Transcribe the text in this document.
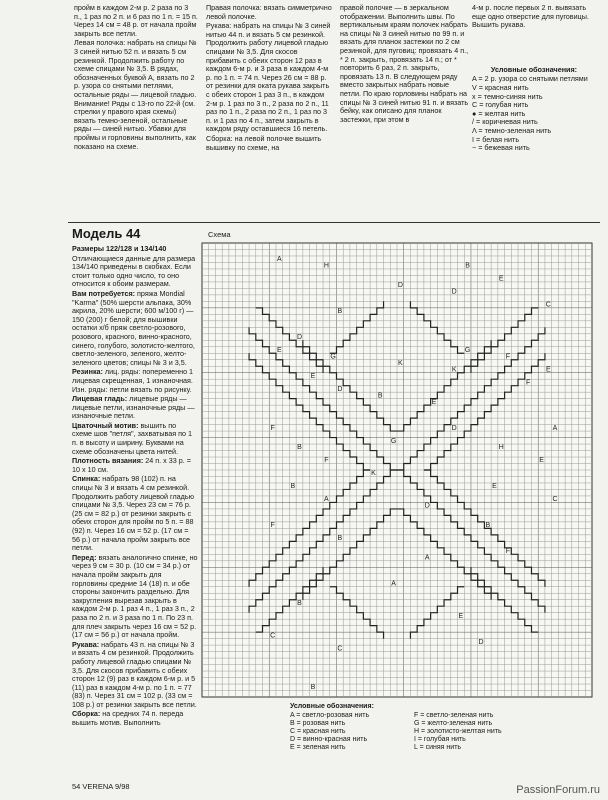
пройм в каждом 2-м р. 2 раза по 3 п., 1 раз по 2 п. и 6 раз по 1 п. = 15 п. Через 14 см = 48 р. от начала пройм закрыть все петли.

Левая полочка: набрать на спицы № 3 синей нитью 52 п. и вязать 5 см резинкой. Продолжить работу по схеме спицами № 3,5. В рядах, обозначенных буквой А, вязать по 2 р. узора со снятыми петлями, остальные ряды — лицевой гладью. Внимание! Ряды с 13-го по 22-й (см. стрелки у правого края схемы) вязать темно-зеленой, остальные ряды — синей нитью. Убавки для проймы и горловины выполнить, как показано на схеме.

Правая полочка: вязать симметрично левой полочке.

Рукава: набрать на спицы № 3 синей нитью 44 п. и вязать 5 см резинкой. Продолжить работу лицевой гладью спицами № 3,5. Для скосов прибавить с обеих сторон 12 раз в каждом 6-м р. и 3 раза в каждом 4-м р. по 1 п. = 74 п. Через 26 см = 88 р. от резинки для оката рукава закрыть с обеих сторон 1 раз 3 п., в каждом 2-м р. 1 раз по 3 п., 2 раза по 2 п., 11 раз по 1 п., 2 раза по 2 п., 1 раз по 3 п. и 1 раз по 4 п., затем закрыть в каждом ряду оставшиеся 16 петель.

Сборка: на левой полочке вышить вышивку по схеме, на

правой полочке — в зеркальном отображении. Выполнить швы. По вертикальным краям полочек набрать на спицы № 3 синей нитью по 99 п. и вязать для планок застежки по 2 см резинкой, для пуговиц: провязать 4 п., * 2 п. закрыть, провязать 14 п.; от * повторить 6 раз, 2 п. закрыть, провязать 13 п. В следующем ряду вместо закрытых набрать новые петли. По краю горловины набрать на спицы № 3 синей нитью 91 п. и вязать бейку, как описано для планок застежки, при этом в

4-м р. после первых 2 п. вывязать еще одно отверстие для пуговицы. Вышить рукава.

Условные обозначения:
A = 2 р. узора со снятыми петлями
V = красная нить
x = темно-синяя нить
C = голубая нить
● = желтая нить
/ = коричневая нить
Λ = темно-зеленая нить
I = белая нить
− = бежевая нить
Модель 44

Размеры 122/128 и 134/140

Отличающиеся данные для размера 134/140 приведены в скобках. Если стоит только одно число, то оно относится к обоим размерам.

Вам потребуется: пряжа Mondial "Karma" (50% шерсти альпака, 30% акрила, 20% шерсти; 600 м/100 г) — 150 (200) г белой; для вышивки остатки х/б пряж светло-розового, розового, красного, винно-красного, синего, голубого, золотисто-желтого, светло-зеленого, зеленого, желто-зеленого цветов; спицы № 3 и 3,5.

Резинка: лиц. ряды: попеременно 1 лицевая скрещенная, 1 изнаночная. Изн. ряды: петли вязать по рисунку.

Лицевая гладь: лицевые ряды — лицевые петли, изнаночные ряды — изнаночные петли.

Цваточный мотив: вышить по схеме шов "петля", захватывая по 1 п. в высоту и ширину. Буквами на схеме обозначены цвета нитей.

Плотность вязания: 24 п. х 33 р. = 10 х 10 см.

Спинка: набрать 98 (102) п. на спицы № 3 и вязать 4 см резинкой. Продолжить работу лицевой гладью спицами № 3,5. Через 23 см = 76 р. (25 см = 82 р.) от резинки закрыть с обеих сторон для пройм по 5 п. = 88 (92) п. Через 16 см = 52 р. (17 см = 56 р.) от начала пройм закрыть все петли.

Перед: вязать аналогично спинке, но через 9 см = 30 р. (10 см = 34 р.) от начала пройм закрыть для горловины средние 14 (18) п. и обе стороны закончить раздельно. Для закругления вырезав закрыть в каждом 2-м р. 1 раз 4 п., 1 раз 3 п., 2 раза по 2 п. и 3 раза по 1 п. По 23 п. для плеч закрыть через 16 см = 52 р. (17 см = 56 р.) от начала пройм.

Рукава: набрать 43 п. на спицы № 3 и вязать 4 см резинкой. Продолжить работу лицевой гладью спицами № 3,5. Для скосов прибавить с обеих сторон 12 (9) раз в каждом 6-м р. и 5 (11) раз в каждом 4-м р. по 1 п. = 77 (83) п. Через 31 см = 102 р. (33 см = 108 р.) от резинки закрыть все петли.

Сборка: на средних 74 п. переда вышить мотив. Выполнить

Схема
A
H	B
E
D
D
C
B
D
E
G
G
F
K
K
E
F
E
D
B
E
F	D	A
G
B	H
F
K
E
B	E
A
D
C
F
B
B
A
F
A
B
E
D
C
C
B
Условные обозначения:
A = светло-розовая нить
B = розовая нить
C = красная нить
D = винно-красная нить
E = зеленая нить
F = светло-зеленая нить
G = желто-зеленая нить
H = золотисто-желтая нить
I = голубая нить
L = синяя нить
54 VERENA 9/98	PassionForum.ru
